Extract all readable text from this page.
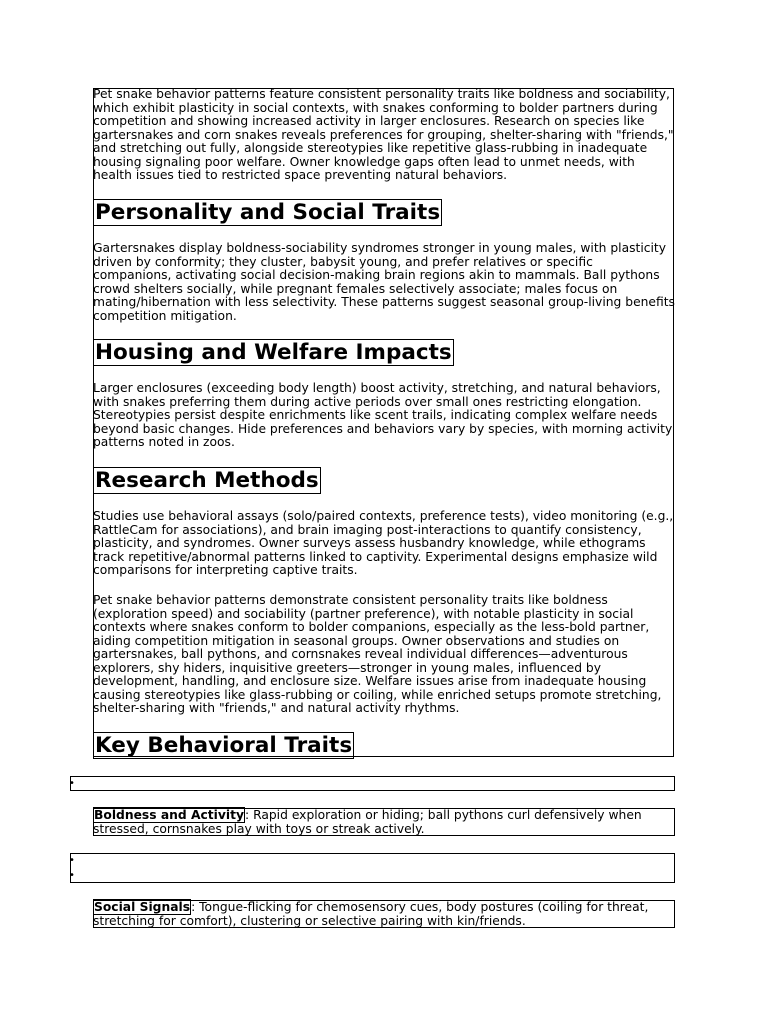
Pet snake behavior patterns feature consistent personality traits like boldness and sociability, which exhibit plasticity in social contexts, with snakes conforming to bolder partners during competition and showing increased activity in larger enclosures. Research on species like gartersnakes and corn snakes reveals preferences for grouping, shelter-sharing with "friends," and stretching out fully, alongside stereotypies like repetitive glass-rubbing in inadequate housing signaling poor welfare. Owner knowledge gaps often lead to unmet needs, with health issues tied to restricted space preventing natural behaviors.

Personality and Social Traits

Gartersnakes display boldness-sociability syndromes stronger in young males, with plasticity driven by conformity; they cluster, babysit young, and prefer relatives or specific companions, activating social decision-making brain regions akin to mammals. Ball pythons crowd shelters socially, while pregnant females selectively associate; males focus on mating/hibernation with less selectivity. These patterns suggest seasonal group-living benefits competition mitigation.

Housing and Welfare Impacts

Larger enclosures (exceeding body length) boost activity, stretching, and natural behaviors, with snakes preferring them during active periods over small ones restricting elongation. Stereotypies persist despite enrichments like scent trails, indicating complex welfare needs beyond basic changes. Hide preferences and behaviors vary by species, with morning activity patterns noted in zoos.

Research Methods

Studies use behavioral assays (solo/paired contexts, preference tests), video monitoring (e.g., RattleCam for associations), and brain imaging post-interactions to quantify consistency, plasticity, and syndromes. Owner surveys assess husbandry knowledge, while ethograms track repetitive/abnormal patterns linked to captivity. Experimental designs emphasize wild comparisons for interpreting captive traits.

Pet snake behavior patterns demonstrate consistent personality traits like boldness (exploration speed) and sociability (partner preference), with notable plasticity in social contexts where snakes conform to bolder companions, especially as the less-bold partner, aiding competition mitigation in seasonal groups. Owner observations and studies on gartersnakes, ball pythons, and cornsnakes reveal individual differences—adventurous explorers, shy hiders, inquisitive greeters—stronger in young males, influenced by development, handling, and enclosure size. Welfare issues arise from inadequate housing causing stereotypies like glass-rubbing or coiling, while enriched setups promote stretching, shelter-sharing with "friends," and natural activity rhythms.

Key Behavioral Traits
•

Boldness and Activity: Rapid exploration or hiding; ball pythons curl defensively when stressed, cornsnakes play with toys or streak actively.

•
•

Social Signals: Tongue-flicking for chemosensory cues, body postures (coiling for threat, stretching for comfort), clustering or selective pairing with kin/friends.
